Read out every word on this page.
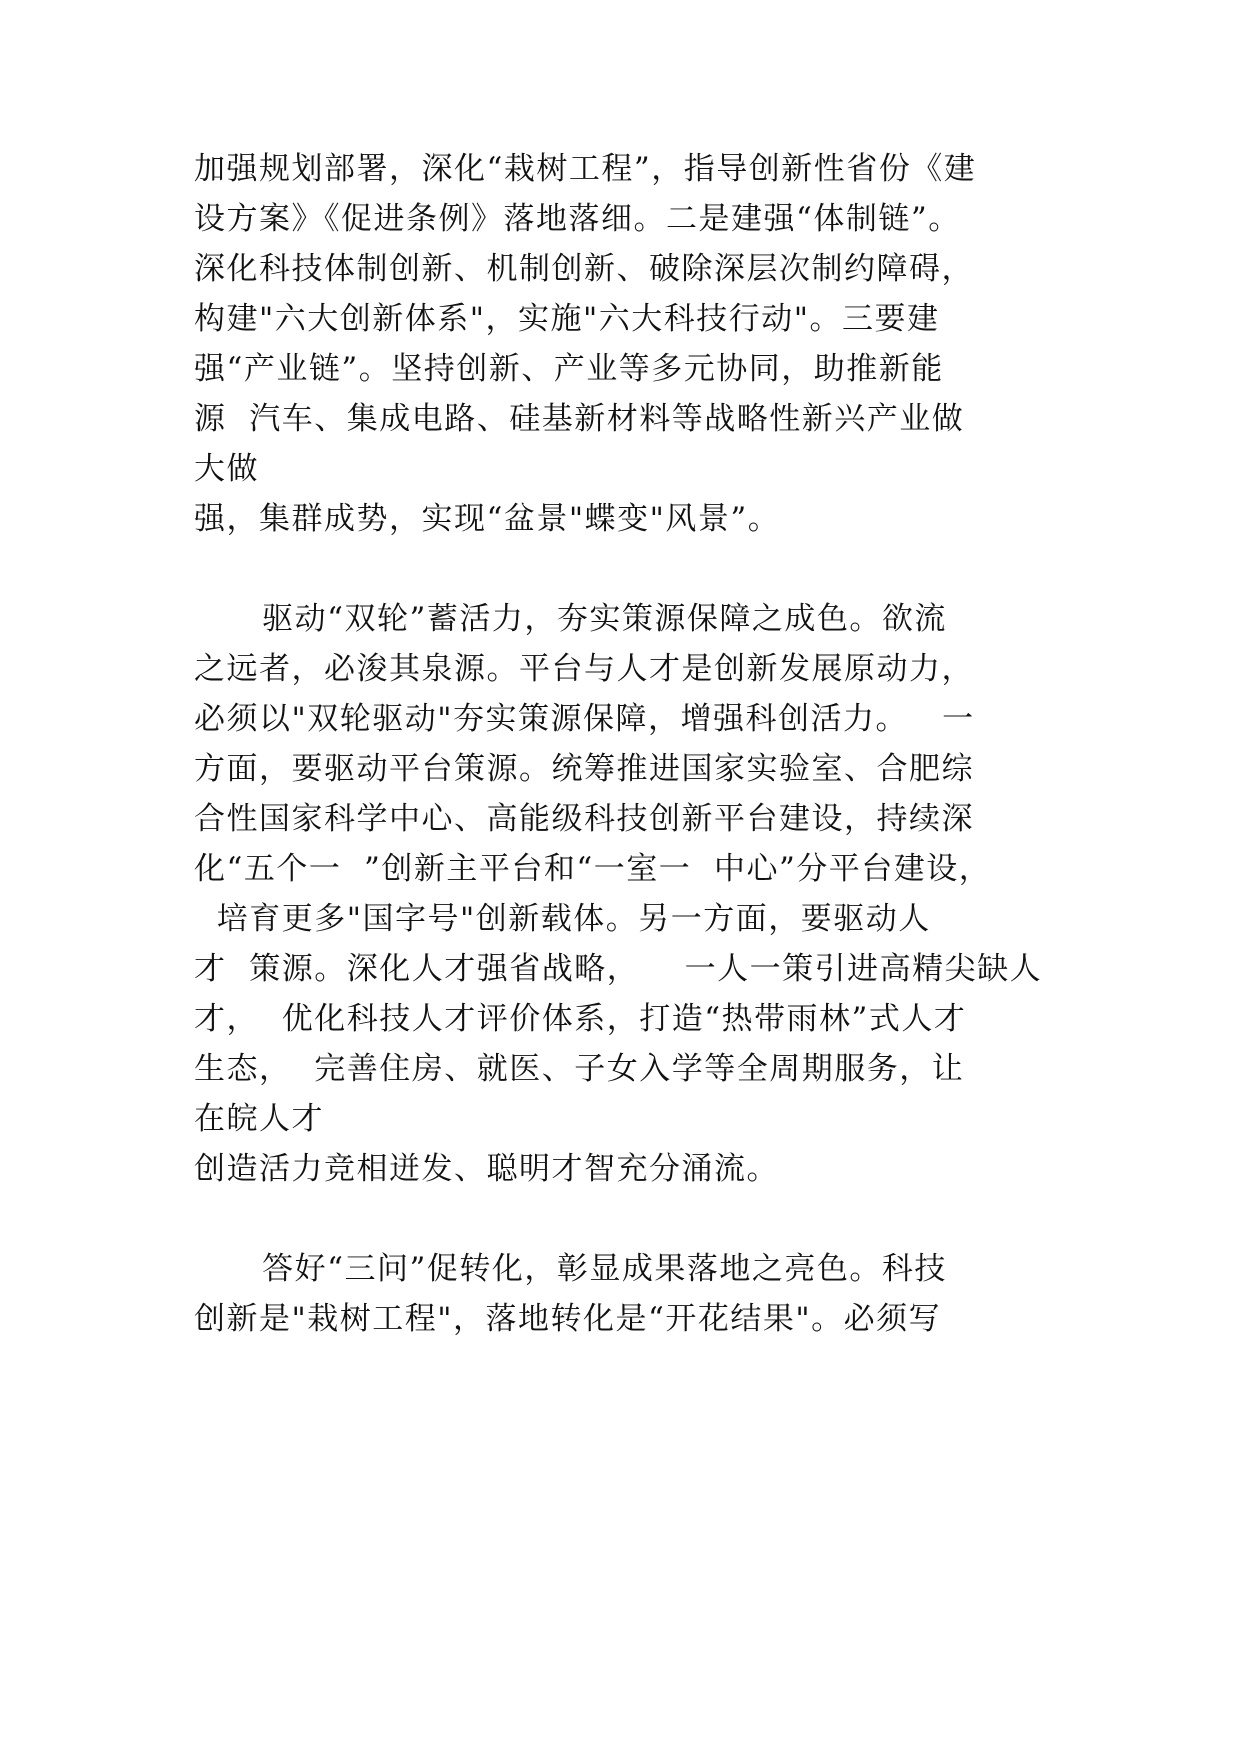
加强规划部署，深化“栽树工程”，指导创新性省份《建

设方案》《促进条例》落地落细。二是建强“体制链”。

深化科技体制创新、机制创新、破除深层次制约障碍，

构建"六大创新体系"，实施"六大科技行动"。三要建

强“产业链”。坚持创新、产业等多元协同，助推新能

源  汽车、集成电路、硅基新材料等战略性新兴产业做

大做

强，集群成势，实现“盆景"蝶变"风景”。

驱动“双轮”蓄活力，夯实策源保障之成色。欲流

之远者，必浚其泉源。平台与人才是创新发展原动力，

必须以"双轮驱动"夯实策源保障，增强科创活力。   一

方面，要驱动平台策源。统筹推进国家实验室、合肥综

合性国家科学中心、高能级科技创新平台建设，持续深

化“五个一  ”创新主平台和“一室一  中心”分平台建设，

培育更多"国字号"创新载体。另一方面，要驱动人

才  策源。深化人才强省战略，    一人一策引进高精尖缺人

才，  优化科技人才评价体系，打造“热带雨林”式人才

生态，  完善住房、就医、子女入学等全周期服务，让

在皖人才

创造活力竞相迸发、聪明才智充分涌流。

答好“三问”促转化，彰显成果落地之亮色。科技

创新是"栽树工程"，落地转化是“开花结果"。必须写
